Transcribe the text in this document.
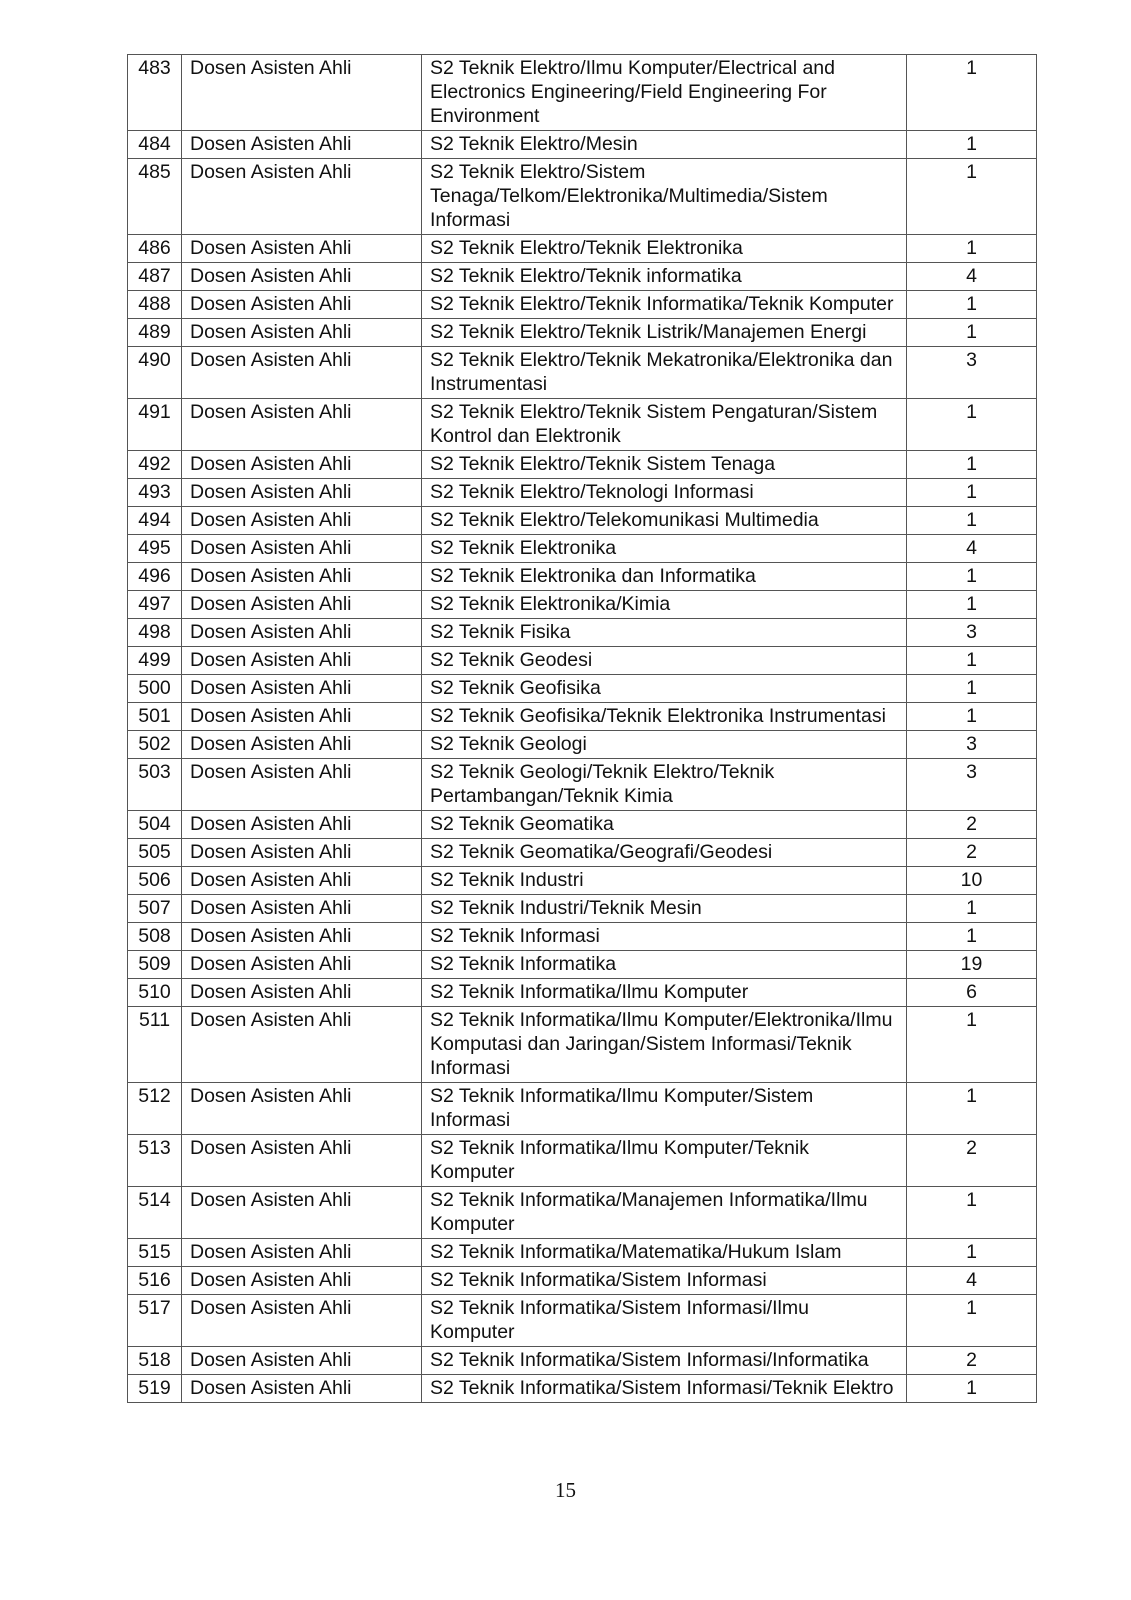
483	Dosen Asisten Ahli	S2 Teknik Elektro/Ilmu Komputer/Electrical and Electronics Engineering/Field Engineering For Environment	1
484	Dosen Asisten Ahli	S2 Teknik Elektro/Mesin	1
485	Dosen Asisten Ahli	S2 Teknik Elektro/Sistem Tenaga/Telkom/Elektronika/Multimedia/Sistem Informasi	1
486	Dosen Asisten Ahli	S2 Teknik Elektro/Teknik Elektronika	1
487	Dosen Asisten Ahli	S2 Teknik Elektro/Teknik informatika	4
488	Dosen Asisten Ahli	S2 Teknik Elektro/Teknik Informatika/Teknik Komputer	1
489	Dosen Asisten Ahli	S2 Teknik Elektro/Teknik Listrik/Manajemen Energi	1
490	Dosen Asisten Ahli	S2 Teknik Elektro/Teknik Mekatronika/Elektronika dan Instrumentasi	3
491	Dosen Asisten Ahli	S2 Teknik Elektro/Teknik Sistem Pengaturan/Sistem Kontrol dan Elektronik	1
492	Dosen Asisten Ahli	S2 Teknik Elektro/Teknik Sistem Tenaga	1
493	Dosen Asisten Ahli	S2 Teknik Elektro/Teknologi Informasi	1
494	Dosen Asisten Ahli	S2 Teknik Elektro/Telekomunikasi Multimedia	1
495	Dosen Asisten Ahli	S2 Teknik Elektronika	4
496	Dosen Asisten Ahli	S2 Teknik Elektronika dan Informatika	1
497	Dosen Asisten Ahli	S2 Teknik Elektronika/Kimia	1
498	Dosen Asisten Ahli	S2 Teknik Fisika	3
499	Dosen Asisten Ahli	S2 Teknik Geodesi	1
500	Dosen Asisten Ahli	S2 Teknik Geofisika	1
501	Dosen Asisten Ahli	S2 Teknik Geofisika/Teknik Elektronika Instrumentasi	1
502	Dosen Asisten Ahli	S2 Teknik Geologi	3
503	Dosen Asisten Ahli	S2 Teknik Geologi/Teknik Elektro/Teknik Pertambangan/Teknik Kimia	3
504	Dosen Asisten Ahli	S2 Teknik Geomatika	2
505	Dosen Asisten Ahli	S2 Teknik Geomatika/Geografi/Geodesi	2
506	Dosen Asisten Ahli	S2 Teknik Industri	10
507	Dosen Asisten Ahli	S2 Teknik Industri/Teknik Mesin	1
508	Dosen Asisten Ahli	S2 Teknik Informasi	1
509	Dosen Asisten Ahli	S2 Teknik Informatika	19
510	Dosen Asisten Ahli	S2 Teknik Informatika/Ilmu Komputer	6
511	Dosen Asisten Ahli	S2 Teknik Informatika/Ilmu Komputer/Elektronika/Ilmu Komputasi dan Jaringan/Sistem Informasi/Teknik Informasi	1
512	Dosen Asisten Ahli	S2 Teknik Informatika/Ilmu Komputer/Sistem Informasi	1
513	Dosen Asisten Ahli	S2 Teknik Informatika/Ilmu Komputer/Teknik Komputer	2
514	Dosen Asisten Ahli	S2 Teknik Informatika/Manajemen Informatika/Ilmu Komputer	1
515	Dosen Asisten Ahli	S2 Teknik Informatika/Matematika/Hukum Islam	1
516	Dosen Asisten Ahli	S2 Teknik Informatika/Sistem Informasi	4
517	Dosen Asisten Ahli	S2 Teknik Informatika/Sistem Informasi/Ilmu Komputer	1
518	Dosen Asisten Ahli	S2 Teknik Informatika/Sistem Informasi/Informatika	2
519	Dosen Asisten Ahli	S2 Teknik Informatika/Sistem Informasi/Teknik Elektro	1
15
